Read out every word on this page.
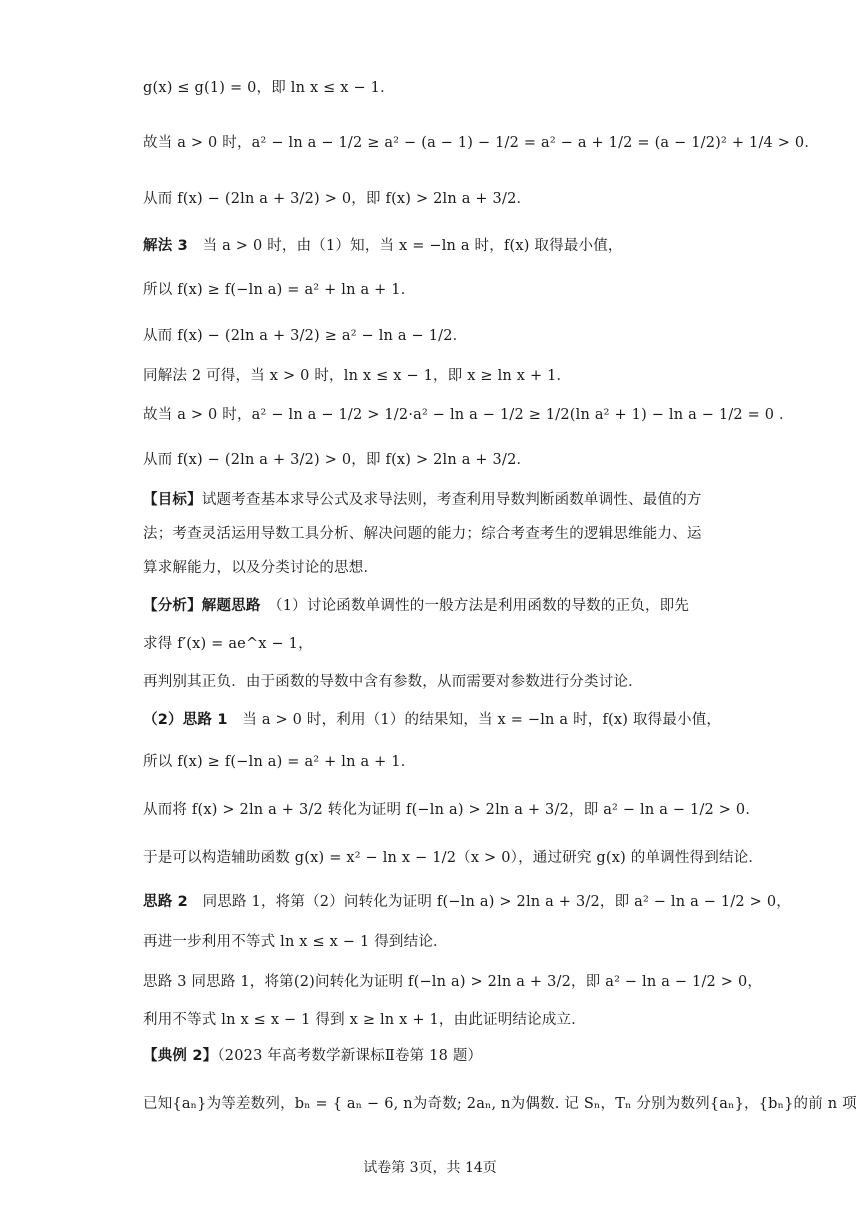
g(x) ≤ g(1) = 0，即 ln x ≤ x − 1．
故当 a > 0 时，a² − ln a − 1/2 ≥ a² − (a − 1) − 1/2 = a² − a + 1/2 = (a − 1/2)² + 1/4 > 0．
从而 f(x) − (2ln a + 3/2) > 0，即 f(x) > 2ln a + 3/2．
解法 3　当 a > 0 时，由（1）知，当 x = −ln a 时，f(x) 取得最小值，
所以 f(x) ≥ f(−ln a) = a² + ln a + 1．
从而 f(x) − (2ln a + 3/2) ≥ a² − ln a − 1/2．
同解法 2 可得，当 x > 0 时，ln x ≤ x − 1，即 x ≥ ln x + 1．
故当 a > 0 时，a² − ln a − 1/2 > 1/2·a² − ln a − 1/2 ≥ 1/2(ln a² + 1) − ln a − 1/2 = 0 ．
从而 f(x) − (2ln a + 3/2) > 0，即 f(x) > 2ln a + 3/2．
【目标】试题考查基本求导公式及求导法则，考查利用导数判断函数单调性、最值的方
法；考查灵活运用导数工具分析、解决问题的能力；综合考查考生的逻辑思维能力、运
算求解能力，以及分类讨论的思想．
【分析】解题思路　（1）讨论函数单调性的一般方法是利用函数的导数的正负，即先
求得 f′(x) = ae^x − 1，
再判别其正负．由于函数的导数中含有参数，从而需要对参数进行分类讨论．
（2）思路 1　当 a > 0 时，利用（1）的结果知，当 x = −ln a 时，f(x) 取得最小值，
所以 f(x) ≥ f(−ln a) = a² + ln a + 1．
从而将 f(x) > 2ln a + 3/2 转化为证明 f(−ln a) > 2ln a + 3/2，即 a² − ln a − 1/2 > 0．
于是可以构造辅助函数 g(x) = x² − ln x − 1/2（x > 0），通过研究 g(x) 的单调性得到结论．
思路 2　同思路 1，将第（2）问转化为证明 f(−ln a) > 2ln a + 3/2，即 a² − ln a − 1/2 > 0，
再进一步利用不等式 ln x ≤ x − 1 得到结论．
思路 3 同思路 1，将第(2)问转化为证明 f(−ln a) > 2ln a + 3/2，即 a² − ln a − 1/2 > 0，
利用不等式 ln x ≤ x − 1 得到 x ≥ ln x + 1，由此证明结论成立．
【典例 2】（2023 年高考数学新课标Ⅱ卷第 18 题）
已知{aₙ}为等差数列，bₙ = { aₙ − 6, n为奇数; 2aₙ, n为偶数. 记 Sₙ，Tₙ 分别为数列{aₙ}，{bₙ}的前 n 项
试卷第 3页，共 14页
